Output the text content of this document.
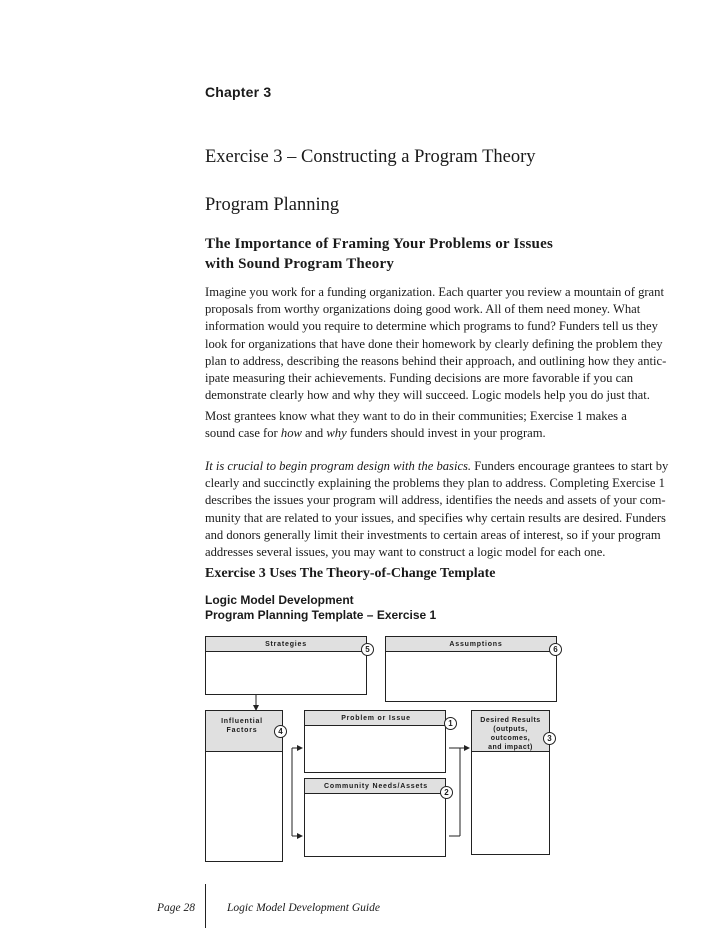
Chapter 3
Exercise 3 – Constructing a Program Theory
Program Planning
The Importance of Framing Your Problems or Issues
with Sound Program Theory
Imagine you work for a funding organization. Each quarter you review a mountain of grant
proposals from worthy organizations doing good work. All of them need money. What
information would you require to determine which programs to fund? Funders tell us they
look for organizations that have done their homework by clearly defining the problem they
plan to address, describing the reasons behind their approach, and outlining how they antic-
ipate measuring their achievements. Funding decisions are more favorable if you can
demonstrate clearly how and why they will succeed. Logic models help you do just that.
Most grantees know what they want to do in their communities; Exercise 1 makes a
sound case for how and why funders should invest in your program.
It is crucial to begin program design with the basics. Funders encourage grantees to start by
clearly and succinctly explaining the problems they plan to address. Completing Exercise 1
describes the issues your program will address, identifies the needs and assets of your com-
munity that are related to your issues, and specifies why certain results are desired. Funders
and donors generally limit their investments to certain areas of interest, so if your program
addresses several issues, you may want to construct a logic model for each one.
Exercise 3 Uses The Theory-of-Change Template
Logic Model Development
Program Planning Template – Exercise 1
Strategies
5
Assumptions
6
Influential
Factors	4
Problem or Issue
1
Community Needs/Assets
2
Desired Results
(outputs, outcomes,
and impact)
3
Page 28	Logic Model Development Guide
